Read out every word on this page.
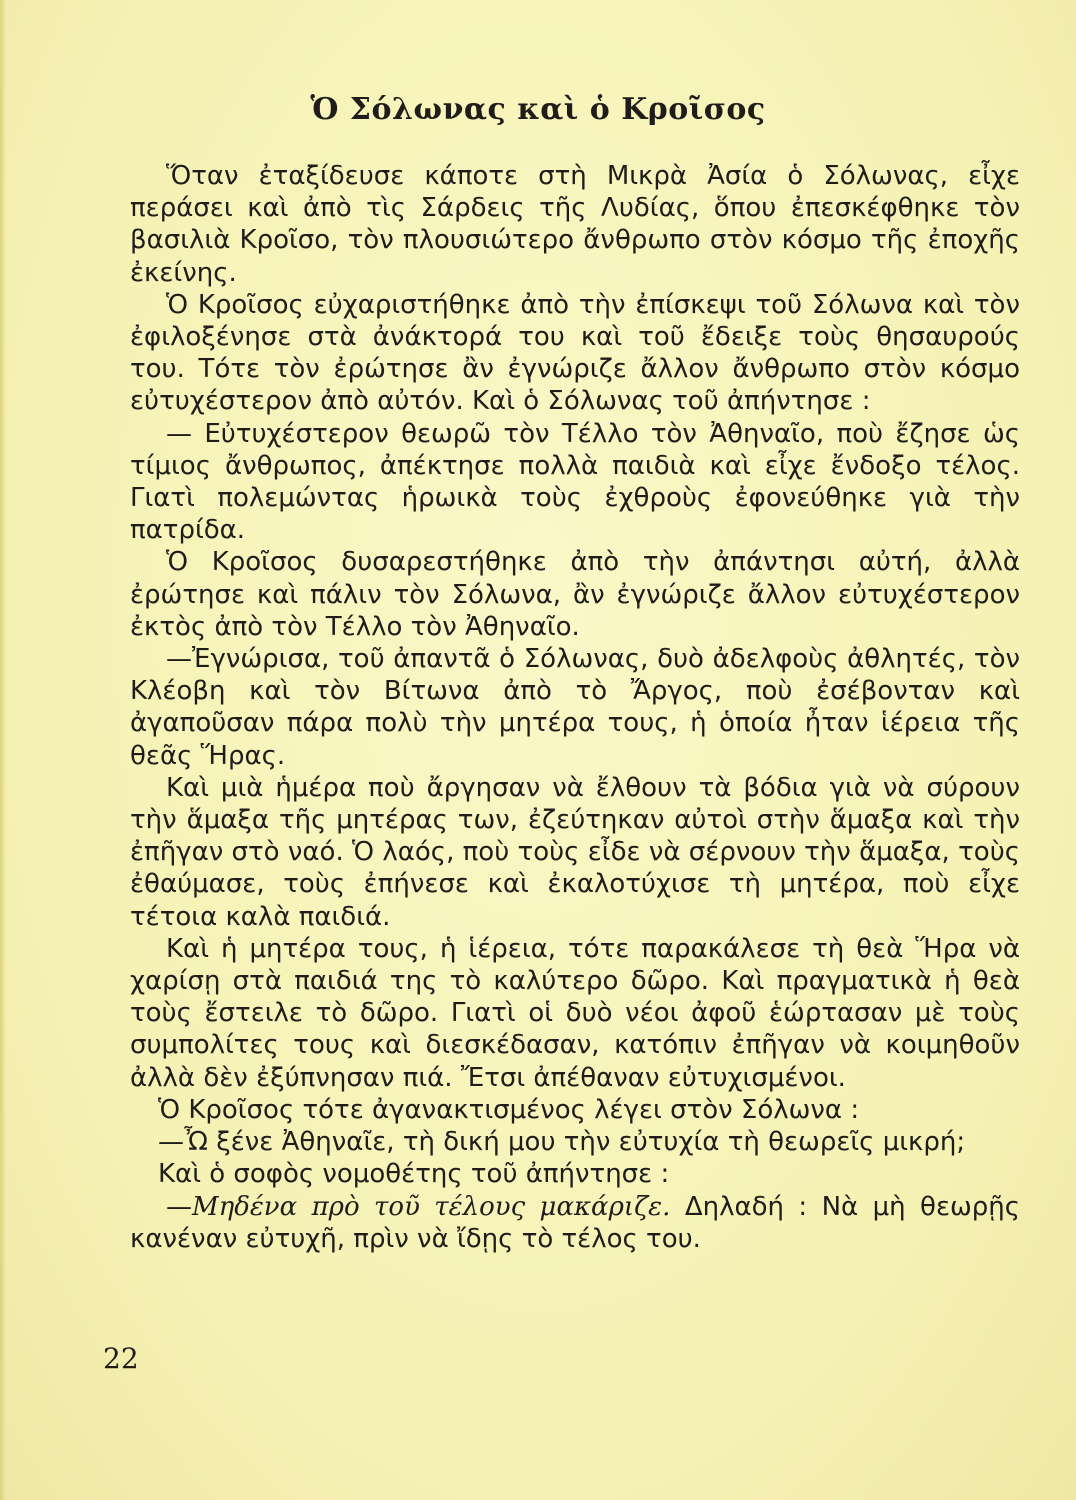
Ὁ Σόλωνας καὶ ὁ Κροῖσος

Ὅταν ἐταξίδευσε κάποτε στὴ Μικρὰ Ἀσία ὁ Σόλωνας, εἶχε περάσει καὶ ἀπὸ τὶς Σάρδεις τῆς Λυδίας, ὅπου ἐπεσκέφθηκε τὸν βασιλιὰ Κροῖσο, τὸν πλουσιώτερο ἄνθρωπο στὸν κόσμο τῆς ἐποχῆς ἐκείνης.

Ὁ Κροῖσος εὐχαριστήθηκε ἀπὸ τὴν ἐπίσκεψι τοῦ Σόλωνα καὶ τὸν ἐφιλοξένησε στὰ ἀνάκτορά του καὶ τοῦ ἔδειξε τοὺς θησαυρούς του. Τότε τὸν ἐρώτησε ἂν ἐγνώριζε ἄλλον ἄνθρωπο στὸν κόσμο εὐτυχέστερον ἀπὸ αὐτόν. Καὶ ὁ Σόλωνας τοῦ ἀπήντησε :

— Εὐτυχέστερον θεωρῶ τὸν Τέλλο τὸν Ἀθηναῖο, ποὺ ἔζησε ὡς τίμιος ἄνθρωπος, ἀπέκτησε πολλὰ παιδιὰ καὶ εἶχε ἔνδοξο τέλος. Γιατὶ πολεμώντας ἡρωικὰ τοὺς ἐχθροὺς ἐφονεύθηκε γιὰ τὴν πατρίδα.

Ὁ Κροῖσος δυσαρεστήθηκε ἀπὸ τὴν ἀπάντησι αὐτή, ἀλλὰ ἐρώτησε καὶ πάλιν τὸν Σόλωνα, ἂν ἐγνώριζε ἄλλον εὐτυχέστερον ἐκτὸς ἀπὸ τὸν Τέλλο τὸν Ἀθηναῖο.

—Ἐγνώρισα, τοῦ ἀπαντᾶ ὁ Σόλωνας, δυὸ ἀδελφοὺς ἀθλητές, τὸν Κλέοβη καὶ τὸν Βίτωνα ἀπὸ τὸ Ἄργος, ποὺ ἐσέβονταν καὶ ἀγαποῦσαν πάρα πολὺ τὴν μητέρα τους, ἡ ὁποία ἦταν ἱέρεια τῆς θεᾶς Ἥρας.

Καὶ μιὰ ἡμέρα ποὺ ἄργησαν νὰ ἔλθουν τὰ βόδια γιὰ νὰ σύρουν τὴν ἅμαξα τῆς μητέρας των, ἐζεύτηκαν αὐτοὶ στὴν ἅμαξα καὶ τὴν ἐπῆγαν στὸ ναό. Ὁ λαός, ποὺ τοὺς εἶδε νὰ σέρνουν τὴν ἅμαξα, τοὺς ἐθαύμασε, τοὺς ἐπήνεσε καὶ ἐκαλοτύχισε τὴ μητέρα, ποὺ εἶχε τέτοια καλὰ παιδιά.

Καὶ ἡ μητέρα τους, ἡ ἱέρεια, τότε παρακάλεσε τὴ θεὰ Ἥρα νὰ χαρίσῃ στὰ παιδιά της τὸ καλύτερο δῶρο. Καὶ πραγματικὰ ἡ θεὰ τοὺς ἔστειλε τὸ δῶρο. Γιατὶ οἱ δυὸ νέοι ἀφοῦ ἑώρτασαν μὲ τοὺς συμπολίτες τους καὶ διεσκέδασαν, κατόπιν ἐπῆγαν νὰ κοιμηθοῦν ἀλλὰ δὲν ἐξύπνησαν πιά. Ἔτσι ἀπέθαναν εὐτυχισμένοι.

Ὁ Κροῖσος τότε ἀγανακτισμένος λέγει στὸν Σόλωνα :

—Ὦ ξένε Ἀθηναῖε, τὴ δική μου τὴν εὐτυχία τὴ θεωρεῖς μικρή;

Καὶ ὁ σοφὸς νομοθέτης τοῦ ἀπήντησε :

—Μηδένα πρὸ τοῦ τέλους μακάριζε. Δηλαδή : Νὰ μὴ θεωρῇς κανέναν εὐτυχῆ, πρὶν νὰ ἴδῃς τὸ τέλος του.

22
